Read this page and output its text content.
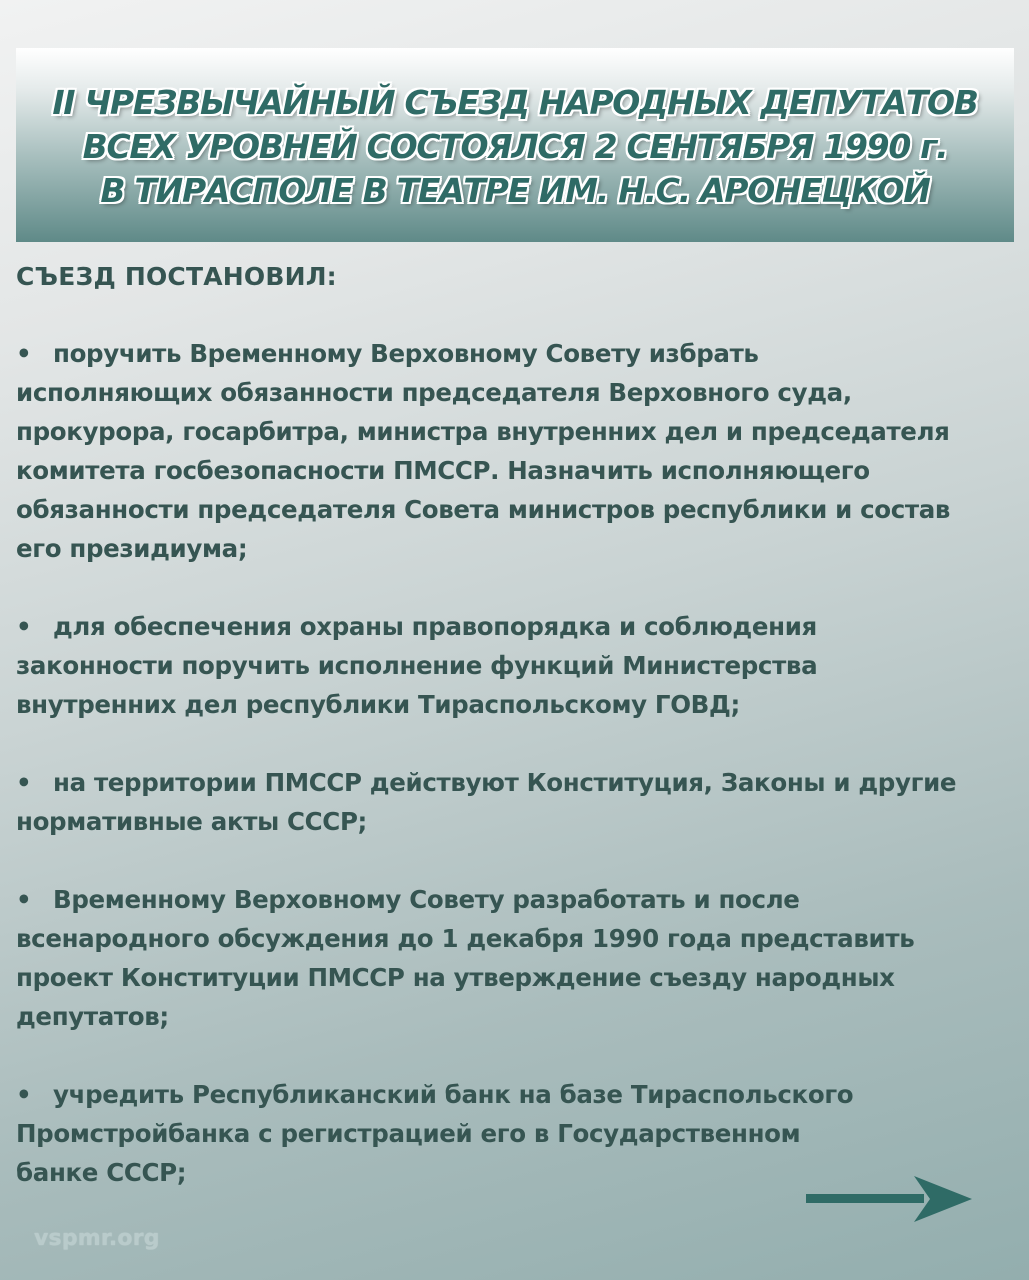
II ЧРЕЗВЫЧАЙНЫЙ СЪЕЗД НАРОДНЫХ ДЕПУТАТОВ
ВСЕХ УРОВНЕЙ СОСТОЯЛСЯ 2 СЕНТЯБРЯ 1990 г.
В ТИРАСПОЛЕ В ТЕАТРЕ ИМ. Н.С. АРОНЕЦКОЙ

СЪЕЗД ПОСТАНОВИЛ:

• поручить Временному Верховному Совету избрать

исполняющих обязанности председателя Верховного суда,

прокурора, госарбитра, министра внутренних дел и председателя

комитета госбезопасности ПМССР. Назначить исполняющего

обязанности председателя Совета министров республики и состав

его президиума;

• для обеспечения охраны правопорядка и соблюдения

законности поручить исполнение функций Министерства

внутренних дел республики Тираспольскому ГОВД;

• на территории ПМССР действуют Конституция, Законы и другие

нормативные акты СССР;

• Временному Верховному Совету разработать и после

всенародного обсуждения до 1 декабря 1990 года представить

проект Конституции ПМССР на утверждение съезду народных

депутатов;

• учредить Республиканский банк на базе Тираспольского

Промстройбанка с регистрацией его в Государственном

банке СССР;

vspmr.org
